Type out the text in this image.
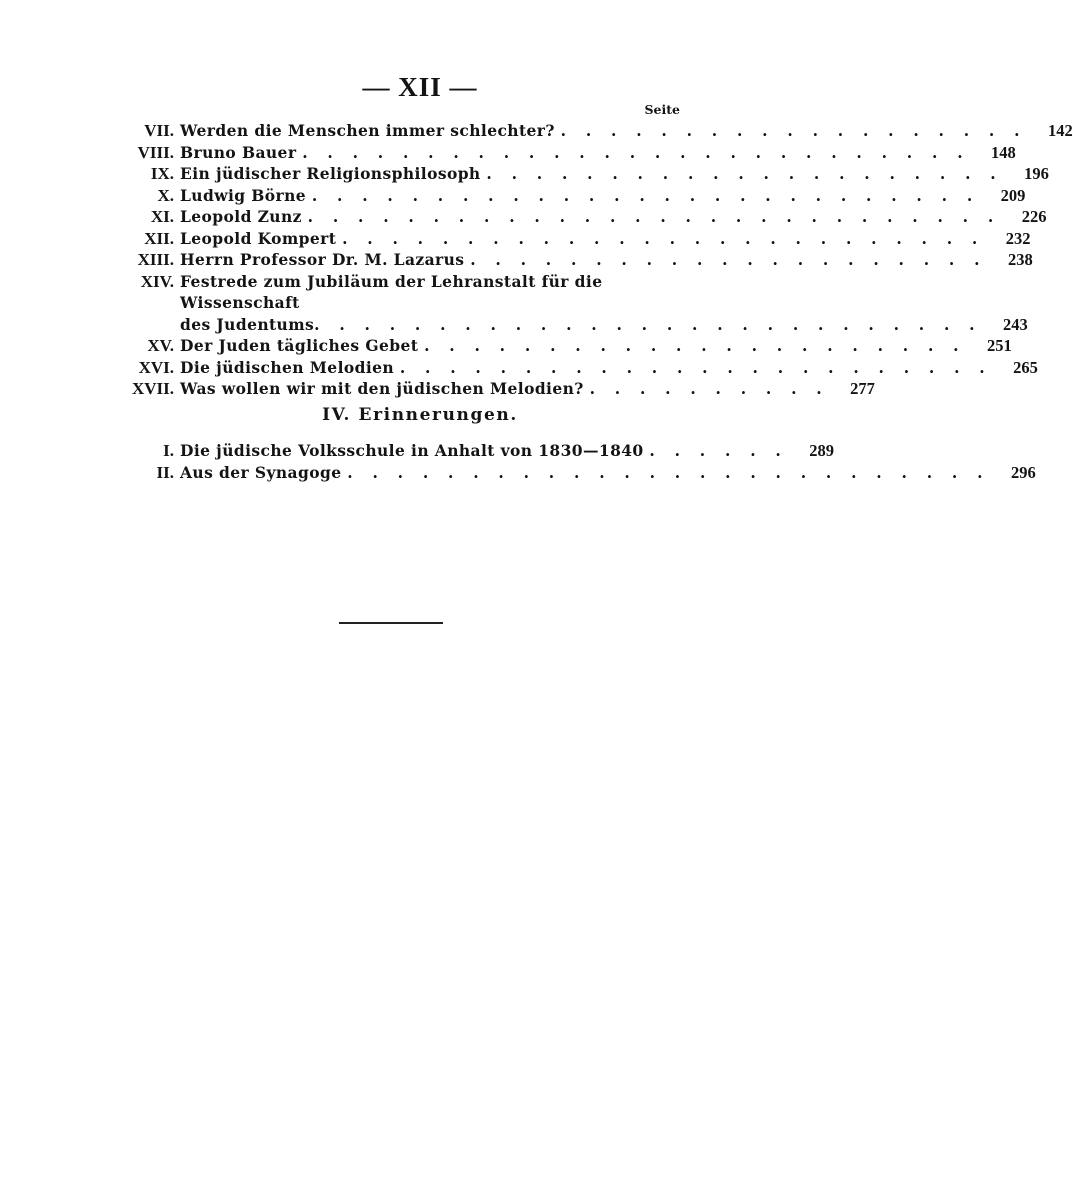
— XII —
Seite
VII. Werden die Menschen immer schlechter? . . . . . . . . . . . . . . . . . . .	142
VIII. Bruno Bauer . . . . . . . . . . . . . . . . . . . . . . . . . . .	148
IX. Ein jüdischer Religionsphilosoph . . . . . . . . . . . . . . . . . . . . .	196
X. Ludwig Börne . . . . . . . . . . . . . . . . . . . . . . . . . . .	209
XI. Leopold Zunz . . . . . . . . . . . . . . . . . . . . . . . . . . . .	226
XII. Leopold Kompert . . . . . . . . . . . . . . . . . . . . . . . . . .	232
XIII. Herrn Professor Dr. M. Lazarus . . . . . . . . . . . . . . . . . . . . .	238
XIV. Festrede zum Jubiläum der Lehranstalt für die Wissenschaft
des Judentums. . . . . . . . . . . . . . . . . . . . . . . . . . .	243
XV. Der Juden tägliches Gebet . . . . . . . . . . . . . . . . . . . . . .	251
XVI. Die jüdischen Melodien . . . . . . . . . . . . . . . . . . . . . . . .	265
XVII. Was wollen wir mit den jüdischen Melodien? . . . . . . . . . .	277
IV. Erinnerungen.
I. Die jüdische Volksschule in Anhalt von 1830—1840 . . . . . .	289
II. Aus der Synagoge . . . . . . . . . . . . . . . . . . . . . . . . . .	296
